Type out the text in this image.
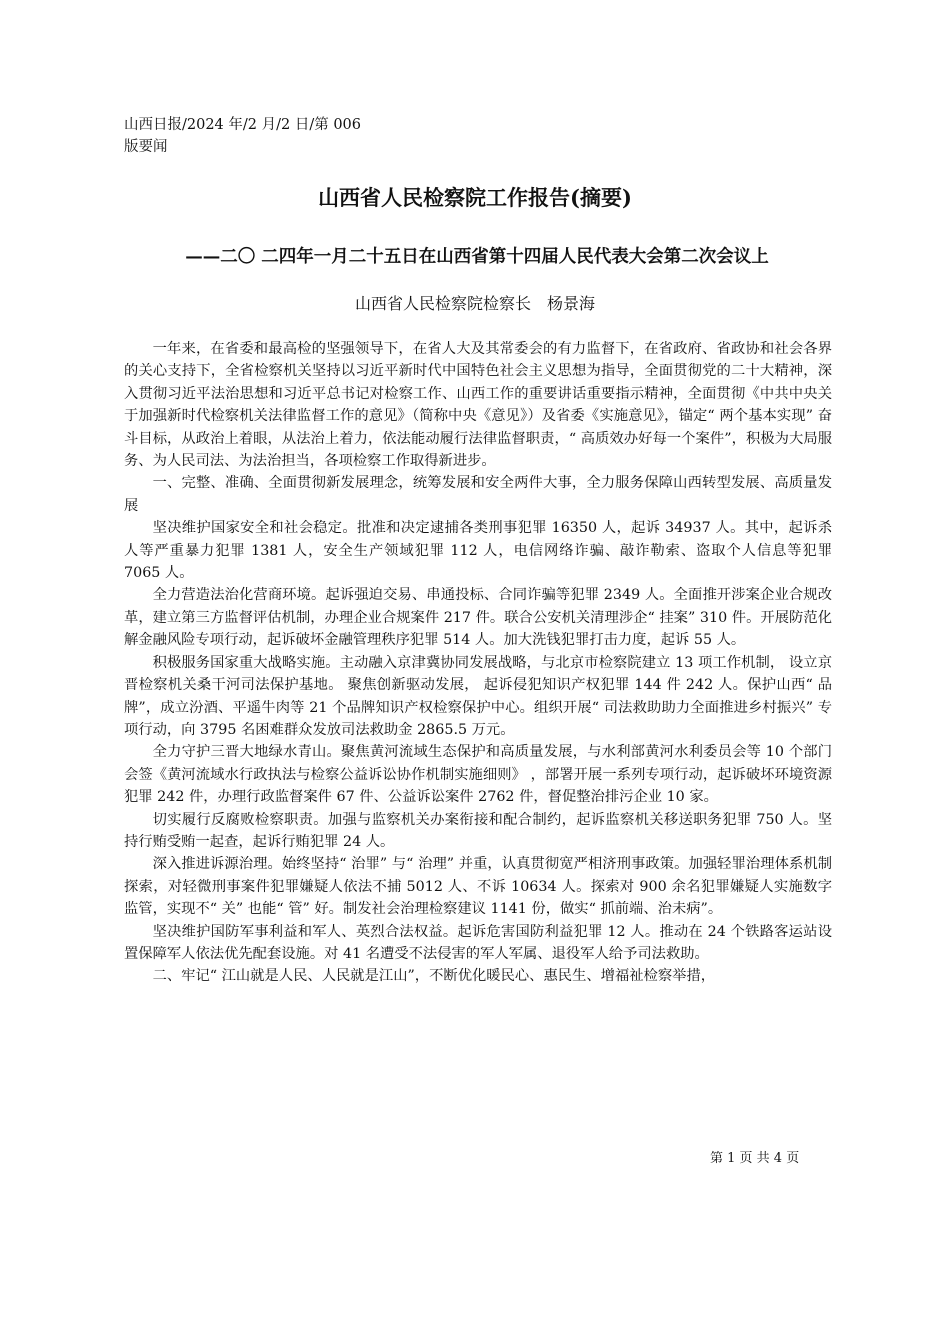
山西日报/2024 年/2 月/2 日/第 006
版要闻
山西省人民检察院工作报告(摘要)
——二〇 二四年一月二十五日在山西省第十四届人民代表大会第二次会议上
山西省人民检察院检察长　杨景海

一年来，在省委和最高检的坚强领导下，在省人大及其常委会的有力监督下，在省政府、省政协和社会各界的关心支持下，全省检察机关坚持以习近平新时代中国特色社会主义思想为指导，全面贯彻党的二十大精神，深入贯彻习近平法治思想和习近平总书记对检察工作、山西工作的重要讲话重要指示精神，全面贯彻《中共中央关于加强新时代检察机关法律监督工作的意见》（简称中央《意见》）及省委《实施意见》，锚定“ 两个基本实现” 奋斗目标，从政治上着眼，从法治上着力，依法能动履行法律监督职责，“ 高质效办好每一个案件”，积极为大局服务、为人民司法、为法治担当，各项检察工作取得新进步。

一、完整、准确、全面贯彻新发展理念，统筹发展和安全两件大事，全力服务保障山西转型发展、高质量发展

坚决维护国家安全和社会稳定。批准和决定逮捕各类刑事犯罪 16350 人，起诉 34937 人。其中，起诉杀人等严重暴力犯罪 1381 人，安全生产领域犯罪 112 人，电信网络诈骗、敲诈勒索、盗取个人信息等犯罪 7065 人。

全力营造法治化营商环境。起诉强迫交易、串通投标、合同诈骗等犯罪 2349 人。全面推开涉案企业合规改革，建立第三方监督评估机制，办理企业合规案件 217 件。联合公安机关清理涉企“ 挂案” 310 件。开展防范化解金融风险专项行动，起诉破坏金融管理秩序犯罪 514 人。加大洗钱犯罪打击力度，起诉 55 人。

积极服务国家重大战略实施。主动融入京津冀协同发展战略，与北京市检察院建立 13 项工作机制， 设立京晋检察机关桑干河司法保护基地。 聚焦创新驱动发展， 起诉侵犯知识产权犯罪 144 件 242 人。保护山西“ 品牌”，成立汾酒、平遥牛肉等 21 个品牌知识产权检察保护中心。组织开展“ 司法救助助力全面推进乡村振兴” 专项行动，向 3795 名困难群众发放司法救助金 2865.5 万元。

全力守护三晋大地绿水青山。聚焦黄河流域生态保护和高质量发展，与水利部黄河水利委员会等 10 个部门会签《黄河流域水行政执法与检察公益诉讼协作机制实施细则》 ，部署开展一系列专项行动，起诉破坏环境资源犯罪 242 件，办理行政监督案件 67 件、公益诉讼案件 2762 件，督促整治排污企业 10 家。

切实履行反腐败检察职责。加强与监察机关办案衔接和配合制约，起诉监察机关移送职务犯罪 750 人。坚持行贿受贿一起查，起诉行贿犯罪 24 人。

深入推进诉源治理。始终坚持“ 治罪” 与“ 治理” 并重，认真贯彻宽严相济刑事政策。加强轻罪治理体系机制探索，对轻微刑事案件犯罪嫌疑人依法不捕 5012 人、不诉 10634 人。探索对 900 余名犯罪嫌疑人实施数字监管，实现不“ 关” 也能“ 管” 好。制发社会治理检察建议 1141 份，做实“ 抓前端、治未病”。

坚决维护国防军事利益和军人、英烈合法权益。起诉危害国防利益犯罪 12 人。推动在 24 个铁路客运站设置保障军人依法优先配套设施。对 41 名遭受不法侵害的军人军属、退役军人给予司法救助。

二、牢记“ 江山就是人民、人民就是江山”，不断优化暖民心、惠民生、增福祉检察举措，

第 1 页 共 4 页
